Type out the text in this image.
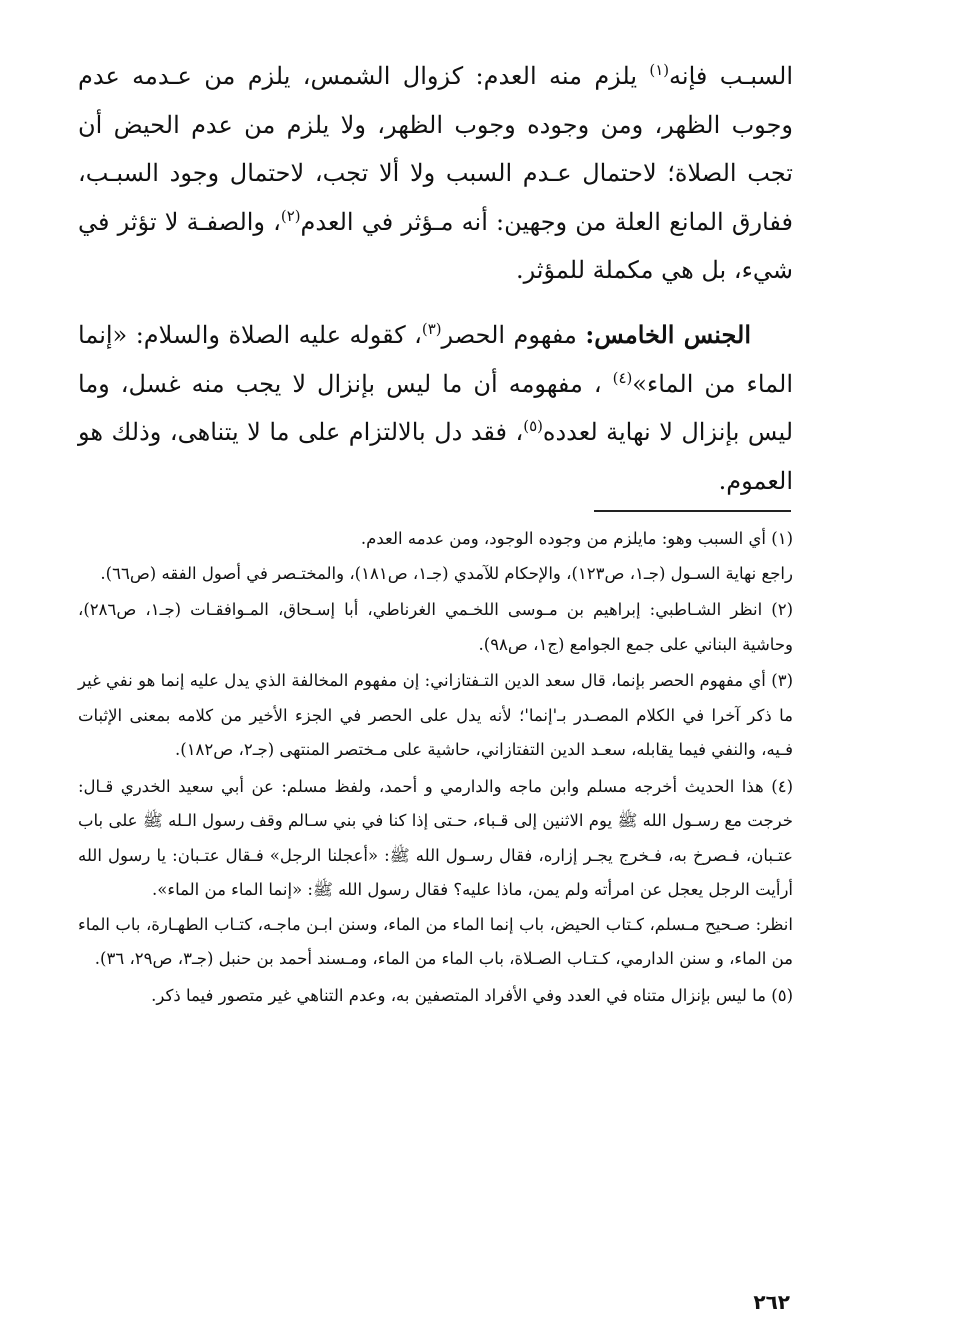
السبـب فإنه$^{(١)}$ يلزم منه العدم: كزوال الشمس، يلزم من عـدمه عدم وجوب الظهر، ومن وجوده وجوب الظهر، ولا يلزم من عدم الحيض أن تجب الصلاة؛ لاحتمال عـدم السبب ولا ألا تجب، لاحتمال وجود السبـب، ففارق المانع العلة من وجهين: أنه مـؤثر في العدم$^{(٢)}$، والصفـة لا تؤثر في شيء، بل هي مكملة للمؤثر.

الجنس الخامس: مفهوم الحصر$^{(٣)}$، كقوله عليه الصلاة والسلام: «إنما الماء من الماء»$^{(٤)}$ ، مفهومه أن ما ليس بإنزال لا يجب منه غسل، وما ليس بإنزال لا نهاية لعدده$^{(٥)}$، فقد دل بالالتزام على ما لا يتناهى، وذلك هو العموم.

(١) أي السبب وهو: مايلزم من وجوده الوجود، ومن عدمه العدم.

راجع نهاية السـول (جـ١، ص١٢٣)، والإحكام للآمدي (جـ١، ص١٨١)، والمختـصر في أصول الفقه (ص٦٦).

(٢) انظر الشـاطبي: إبراهيم بن مـوسى اللخـمي الغرناطي، أبا إسـحاق، المـوافقـات (جـ١، ص٢٨٦)، وحاشية البناني على جمع الجوامع (ج١، ص٩٨).
(٣) أي مفهوم الحصر بإنما، قال سعد الدين التـفتازاني: إن مفهوم المخالفة الذي يدل عليه إنما هو نفي غير ما ذكر آخرا في الكلام المصـدر بـ'إنما'؛ لأنه يدل على الحصر في الجزء الأخير من كلامه بمعنى الإثبات فـيه، والنفي فيما يقابله، سعـد الدين التفتازاني، حاشية على مـختصر المنتهى (جـ٢، ص١٨٢).
(٤) هذا الحديث أخرجه مسلم وابن ماجه والدارمي و أحمد، ولفظ مسلم: عن أبي سعيد الخدري قـال: خرجت مع رسـول الله ﷺ يوم الاثنين إلى قـباء، حـتى إذا كنا في بني سـالم وقف رسول الـله ﷺ على باب عتـبان، فـصرخ به، فـخرج يجـر إزاره، فقال رسـول الله ﷺ: «أعجلنا الرجل» فـقال عتـبان: يا رسول الله أرأيت الرجل يعجل عن امرأته ولم يمن، ماذا عليه؟ فقال رسول الله ﷺ: «إنما الماء من الماء».

انظر: صـحيح مـسلم، كـتاب الحيض، باب إنما الماء من الماء، وسنن ابـن ماجـه، كتـاب الطهـارة، باب الماء من الماء، و سنن الدارمي، كـتـاب الصـلاة، باب الماء من الماء، ومـسند أحمد بن حنبل (جـ٣، ص٢٩، ٣٦).

(٥) ما ليس بإنزال متناه في العدد وفي الأفراد المتصفين به، وعدم التناهي غير متصور فيما ذكر.
٢٦٢
